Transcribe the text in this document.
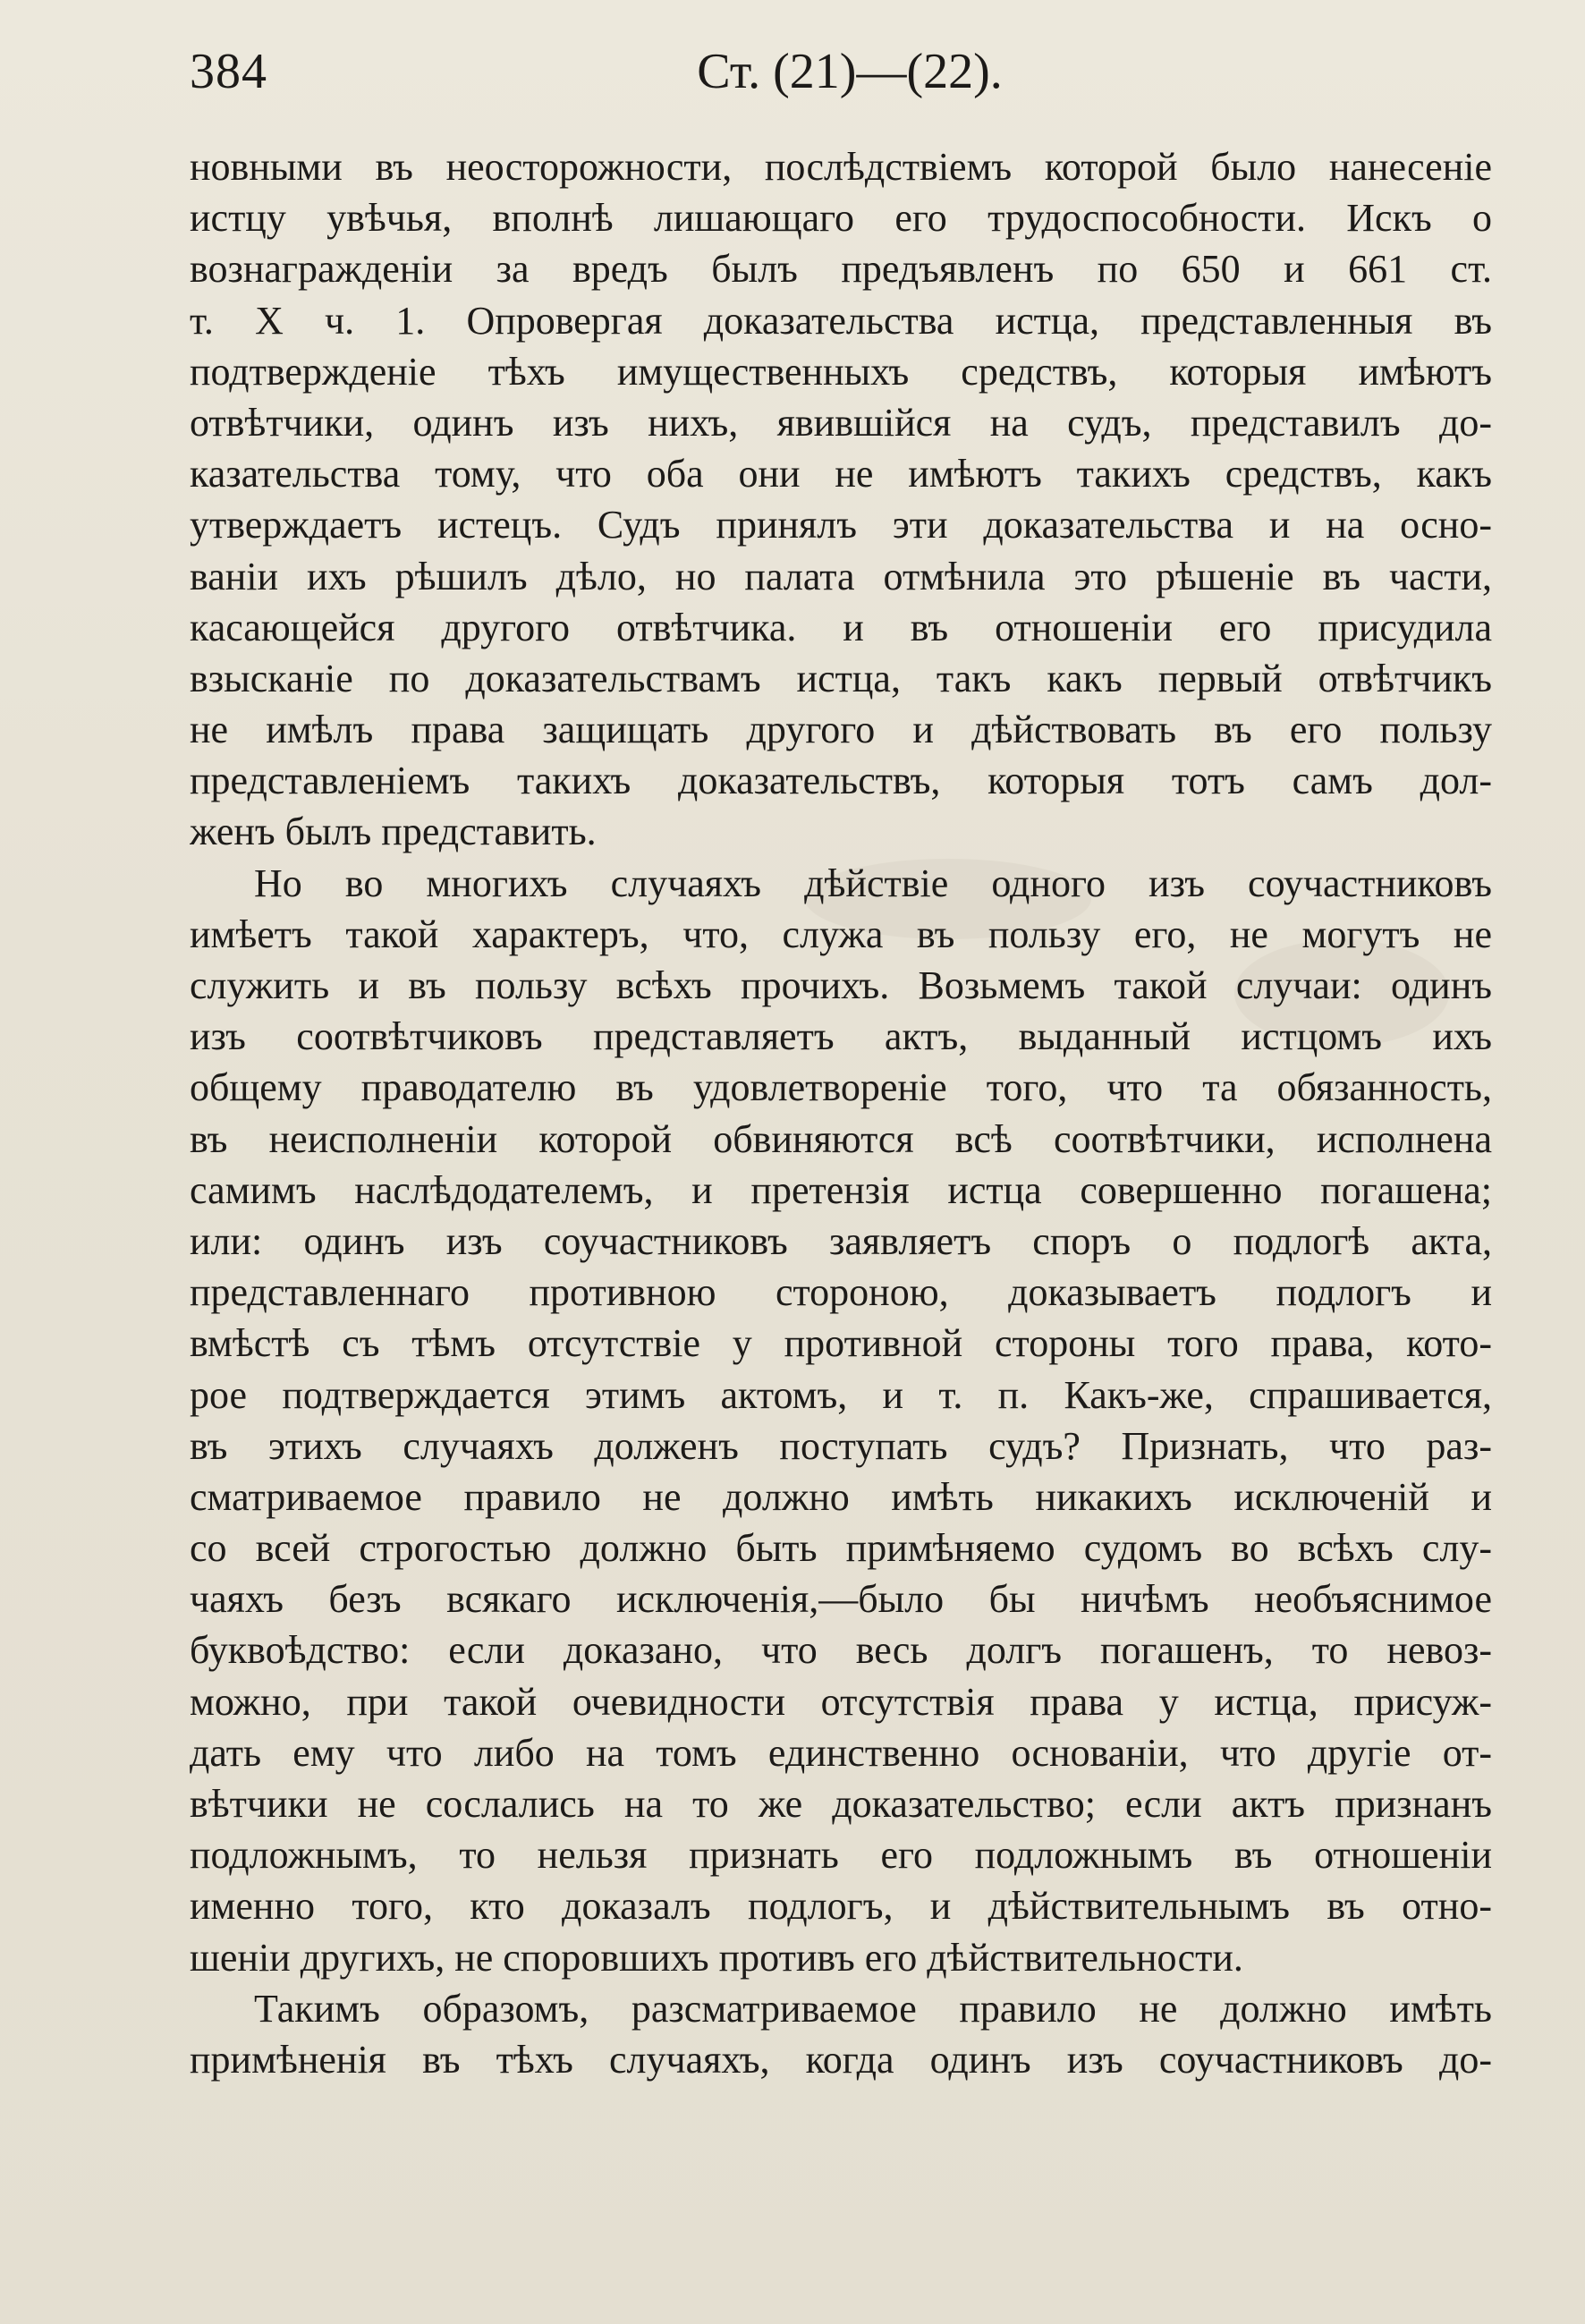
384	Ст. (21)—(22).
новными въ неосторожности, послѣдствіемъ которой было нанесеніе
истцу увѣчья, вполнѣ лишающаго его трудоспособности. Искъ о
вознагражденіи за вредъ былъ предъявленъ по 650 и 661 ст.
т. X ч. 1. Опровергая доказательства истца, представленныя въ
подтвержденіе тѣхъ имущественныхъ средствъ, которыя имѣютъ
отвѣтчики, одинъ изъ нихъ, явившійся на судъ, представилъ до-
казательства тому, что оба они не имѣютъ такихъ средствъ, какъ
утверждаетъ истецъ. Судъ принялъ эти доказательства и на осно-
ваніи ихъ рѣшилъ дѣло, но палата отмѣнила это рѣшеніе въ части,
касающейся другого отвѣтчика. и въ отношеніи его присудила
взысканіе по доказательствамъ истца, такъ какъ первый отвѣтчикъ
не имѣлъ права защищать другого и дѣйствовать въ его пользу
представленіемъ такихъ доказательствъ, которыя тотъ самъ дол-
женъ былъ представить.
Но во многихъ случаяхъ дѣйствіе одного изъ соучастниковъ
имѣетъ такой характеръ, что, служа въ пользу его, не могутъ не
служить и въ пользу всѣхъ прочихъ. Возьмемъ такой случаи: одинъ
изъ соотвѣтчиковъ представляетъ актъ, выданный истцомъ ихъ
общему праводателю въ удовлетвореніе того, что та обязанность,
въ неисполненіи которой обвиняются всѣ соотвѣтчики, исполнена
самимъ наслѣдодателемъ, и претензія истца совершенно погашена;
или: одинъ изъ соучастниковъ заявляетъ споръ о подлогѣ акта,
представленнаго противною стороною, доказываетъ подлогъ и
вмѣстѣ съ тѣмъ отсутствіе у противной стороны того права, кото-
рое подтверждается этимъ актомъ, и т. п. Какъ-же, спрашивается,
въ этихъ случаяхъ долженъ поступать судъ? Признать, что раз-
сматриваемое правило не должно имѣть никакихъ исключеній и
со всей строгостью должно быть примѣняемо судомъ во всѣхъ слу-
чаяхъ безъ всякаго исключенія,—было бы ничѣмъ необъяснимое
буквоѣдство: если доказано, что весь долгъ погашенъ, то невоз-
можно, при такой очевидности отсутствія права у истца, присуж-
дать ему что либо на томъ единственно основаніи, что другіе от-
вѣтчики не сослались на то же доказательство; если актъ признанъ
подложнымъ, то нельзя признать его подложнымъ въ отношеніи
именно того, кто доказалъ подлогъ, и дѣйствительнымъ въ отно-
шеніи другихъ, не споровшихъ противъ его дѣйствительности.
Такимъ образомъ, разсматриваемое правило не должно имѣть
примѣненія въ тѣхъ случаяхъ, когда одинъ изъ соучастниковъ до-
